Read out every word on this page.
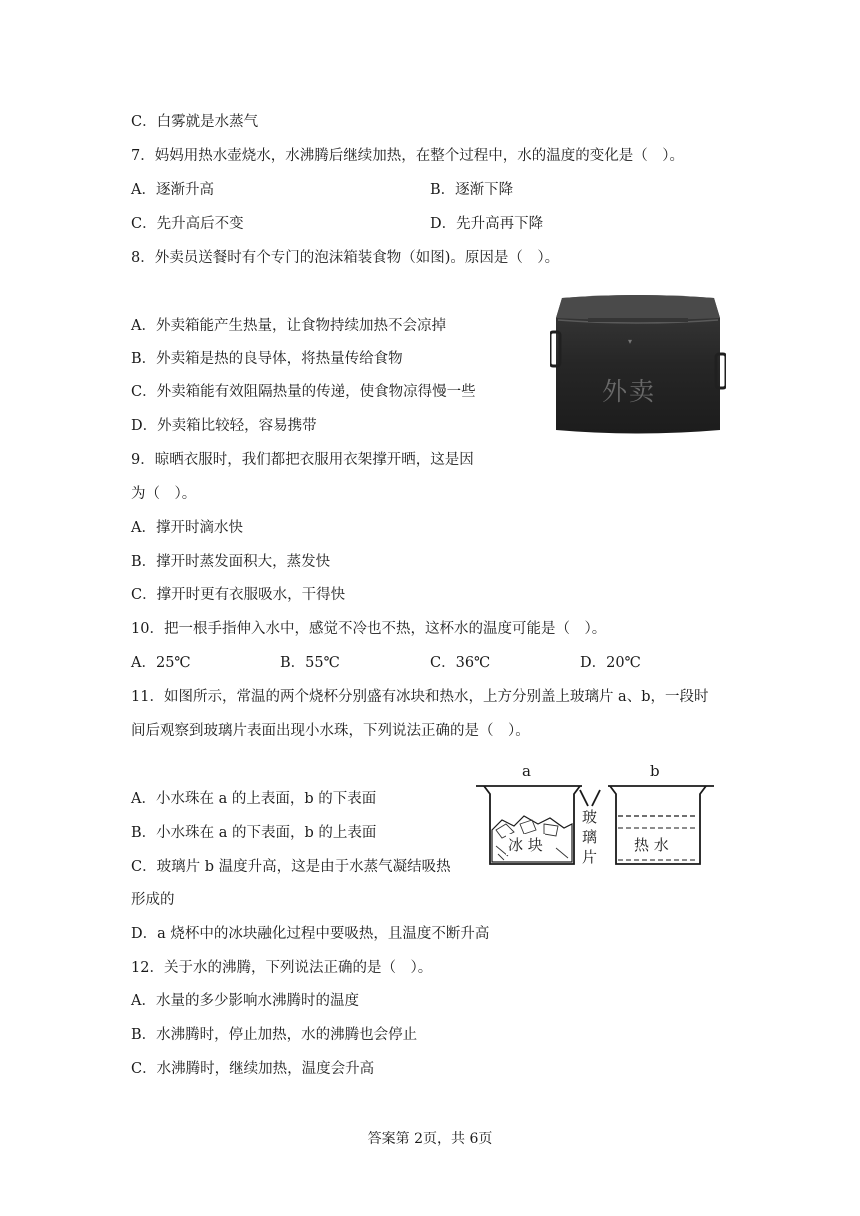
C．白雾就是水蒸气
7．妈妈用热水壶烧水，水沸腾后继续加热，在整个过程中，水的温度的变化是（　）。
A．逐渐升高	B．逐渐下降
C．先升高后不变	D．先升高再下降
8．外卖员送餐时有个专门的泡沫箱装食物（如图)。原因是（　）。
A．外卖箱能产生热量，让食物持续加热不会凉掉
B．外卖箱是热的良导体，将热量传给食物
C．外卖箱能有效阻隔热量的传递，使食物凉得慢一些
D．外卖箱比较轻，容易携带
▾
外卖
9．晾晒衣服时，我们都把衣服用衣架撑开晒，这是因
为（　）。
A．撑开时滴水快
B．撑开时蒸发面积大，蒸发快
C．撑开时更有衣服吸水，干得快
10．把一根手指伸入水中，感觉不冷也不热，这杯水的温度可能是（　）。
A．25℃	B．55℃	C．36℃	D．20℃
11．如图所示，常温的两个烧杯分别盛有冰块和热水，上方分别盖上玻璃片 a、b，一段时
间后观察到玻璃片表面出现小水珠，下列说法正确的是（　）。
A．小水珠在 a 的上表面，b 的下表面
B．小水珠在 a 的下表面，b 的上表面
C．玻璃片 b 温度升高，这是由于水蒸气凝结吸热
形成的
a	b
玻
璃
片
冰 块	热 水
D．a 烧杯中的冰块融化过程中要吸热，且温度不断升高
12．关于水的沸腾，下列说法正确的是（　）。
A．水量的多少影响水沸腾时的温度
B．水沸腾时，停止加热，水的沸腾也会停止
C．水沸腾时，继续加热，温度会升高
答案第 2页，共 6页
